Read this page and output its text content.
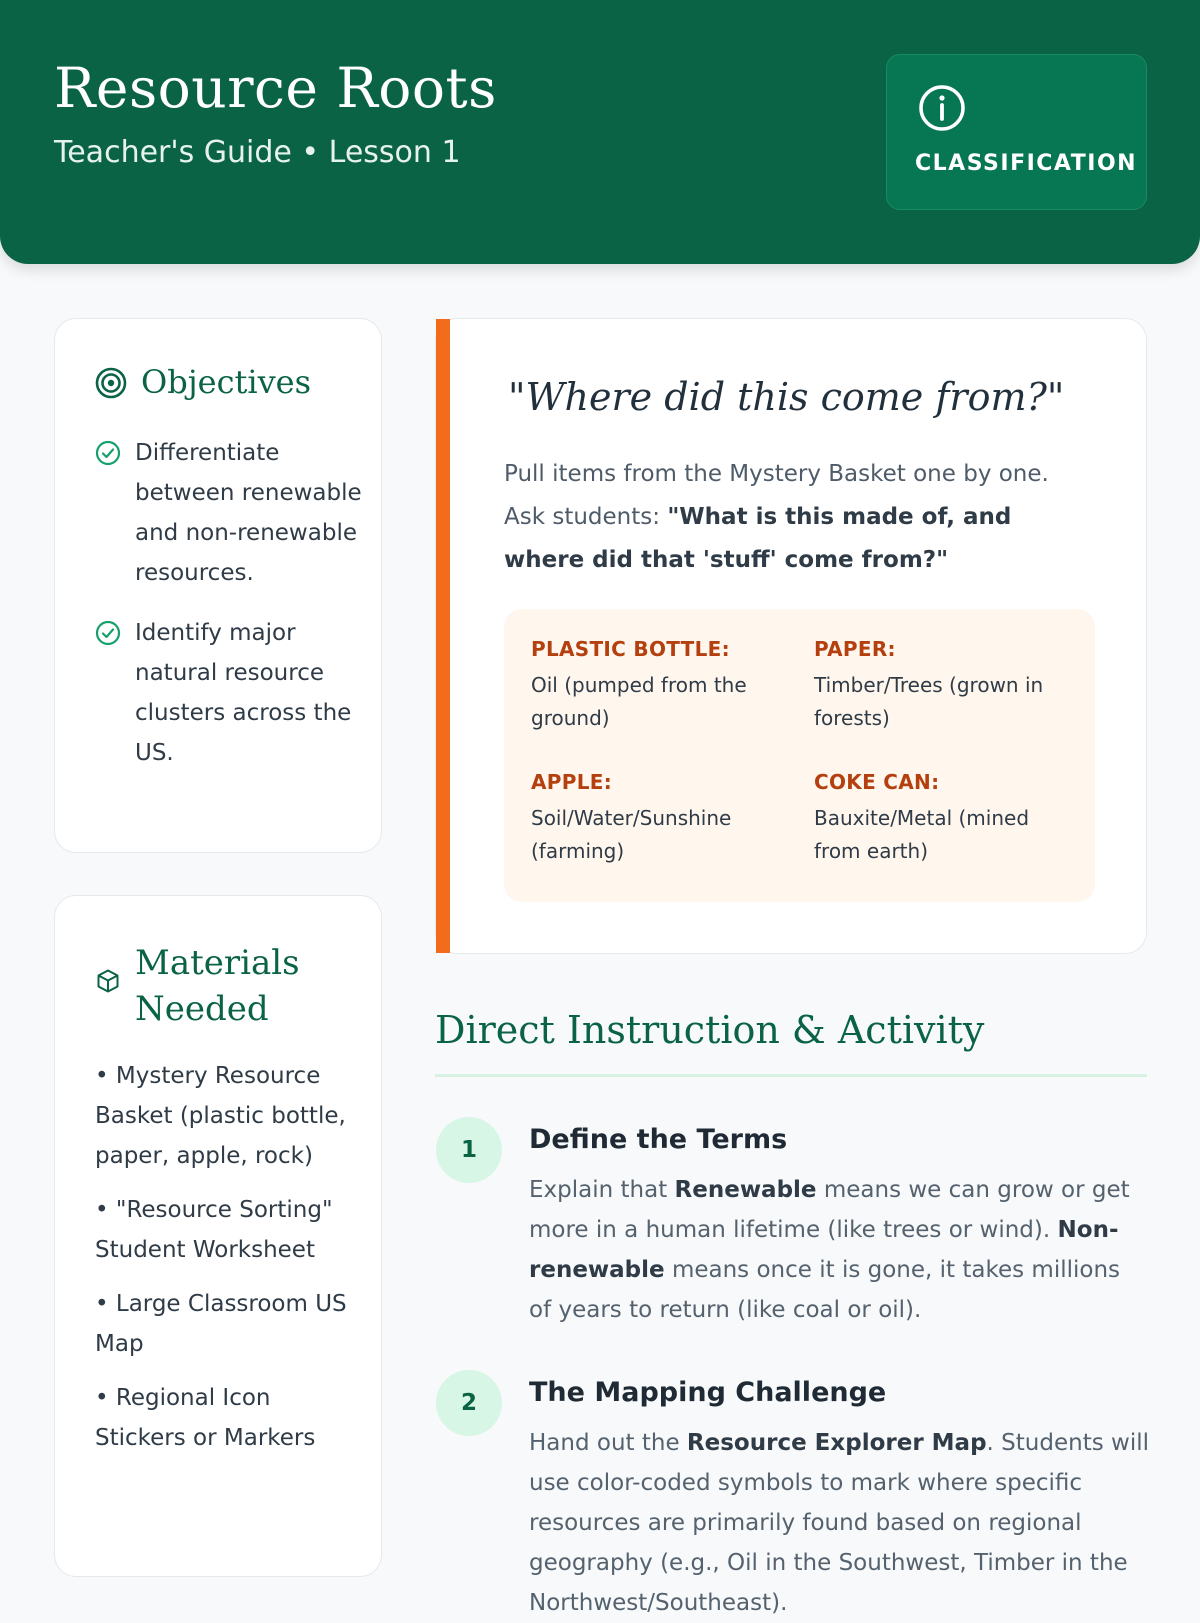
Resource Roots
Teacher's Guide • Lesson 1	CLASSIFICATION
Objectives
Differentiate between renewable and non-renewable resources.
Identify major natural resource clusters across the US.
Materials Needed
• Mystery Resource Basket (plastic bottle, paper, apple, rock)
• "Resource Sorting" Student Worksheet
• Large Classroom US Map
• Regional Icon Stickers or Markers
"Where did this come from?"
Pull items from the Mystery Basket one by one. Ask students: "What is this made of, and where did that 'stuff' come from?"
PLASTIC BOTTLE:
Oil (pumped from the ground)
PAPER:
Timber/Trees (grown in forests)
APPLE:
Soil/Water/Sunshine (farming)
COKE CAN:
Bauxite/Metal (mined from earth)
Direct Instruction & Activity
1	Define the Terms
Explain that Renewable means we can grow or get more in a human lifetime (like trees or wind). Non-renewable means once it is gone, it takes millions of years to return (like coal or oil).
2	The Mapping Challenge
Hand out the Resource Explorer Map. Students will use color-coded symbols to mark where specific resources are primarily found based on regional geography (e.g., Oil in the Southwest, Timber in the Northwest/Southeast).
